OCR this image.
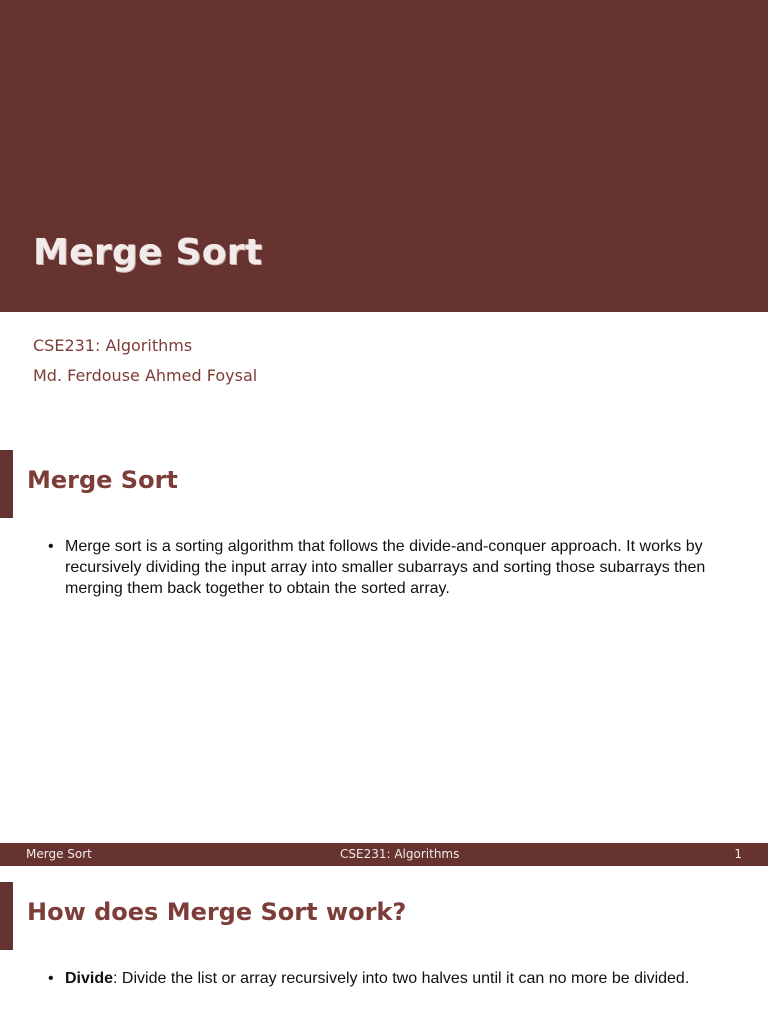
Merge Sort

CSE231: Algorithms

Md. Ferdouse Ahmed Foysal

Merge Sort
• Merge sort is a sorting algorithm that follows the divide-and-conquer approach. It works by recursively dividing the input array into smaller subarrays and sorting those subarrays then merging them back together to obtain the sorted array.
Merge Sort	CSE231: Algorithms	1
How does Merge Sort work?
• Divide: Divide the list or array recursively into two halves until it can no more be divided.
